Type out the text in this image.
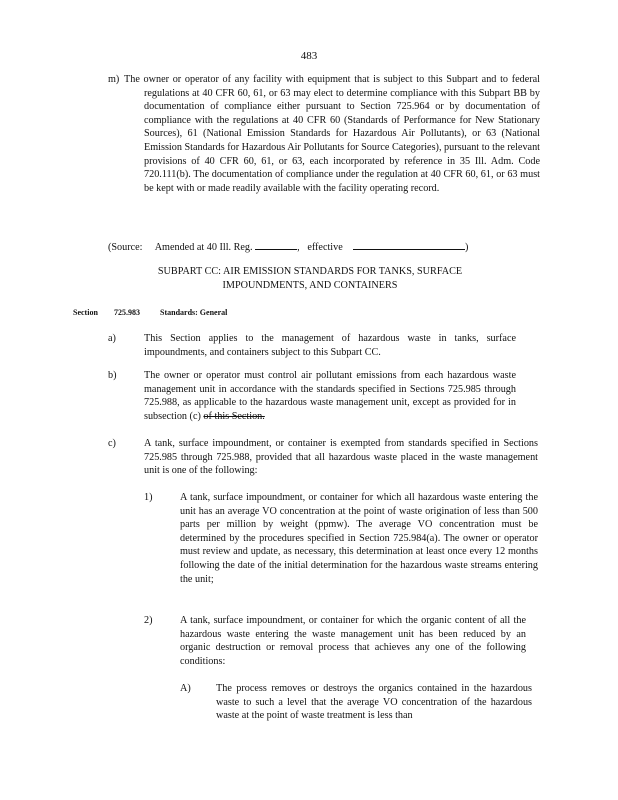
483
m) The owner or operator of any facility with equipment that is subject to this Subpart and to federal regulations at 40 CFR 60, 61, or 63 may elect to determine compliance with this Subpart BB by documentation of compliance either pursuant to Section 725.964 or by documentation of compliance with the regulations at 40 CFR 60 (Standards of Performance for New Stationary Sources), 61 (National Emission Standards for Hazardous Air Pollutants), or 63 (National Emission Standards for Hazardous Air Pollutants for Source Categories), pursuant to the relevant provisions of 40 CFR 60, 61, or 63, each incorporated by reference in 35 Ill. Adm. Code 720.111(b). The documentation of compliance under the regulation at 40 CFR 60, 61, or 63 must be kept with or made readily available with the facility operating record.
(Source: Amended at 40 Ill. Reg.	,   effective	)
SUBPART CC: AIR EMISSION STANDARDS FOR TANKS, SURFACE
IMPOUNDMENTS, AND CONTAINERS
Section 725.983	Standards: General
a)	This Section applies to the management of hazardous waste in tanks, surface impoundments, and containers subject to this Subpart CC.
b)	The owner or operator must control air pollutant emissions from each hazardous waste management unit in accordance with the standards specified in Sections 725.985 through 725.988, as applicable to the hazardous waste management unit, except as provided for in subsection (c) of this Section.
c)	A tank, surface impoundment, or container is exempted from standards specified in Sections 725.985 through 725.988, provided that all hazardous waste placed in the waste management unit is one of the following:
1)	A tank, surface impoundment, or container for which all hazardous waste entering the unit has an average VO concentration at the point of waste origination of less than 500 parts per million by weight (ppmw). The average VO concentration must be determined by the procedures specified in Section 725.984(a). The owner or operator must review and update, as necessary, this determination at least once every 12 months following the date of the initial determination for the hazardous waste streams entering the unit;
2)	A tank, surface impoundment, or container for which the organic content of all the hazardous waste entering the waste management unit has been reduced by an organic destruction or removal process that achieves any one of the following conditions:
A) The process removes or destroys the organics contained in the hazardous waste to such a level that the average VO concentration of the hazardous waste at the point of waste treatment is less than
